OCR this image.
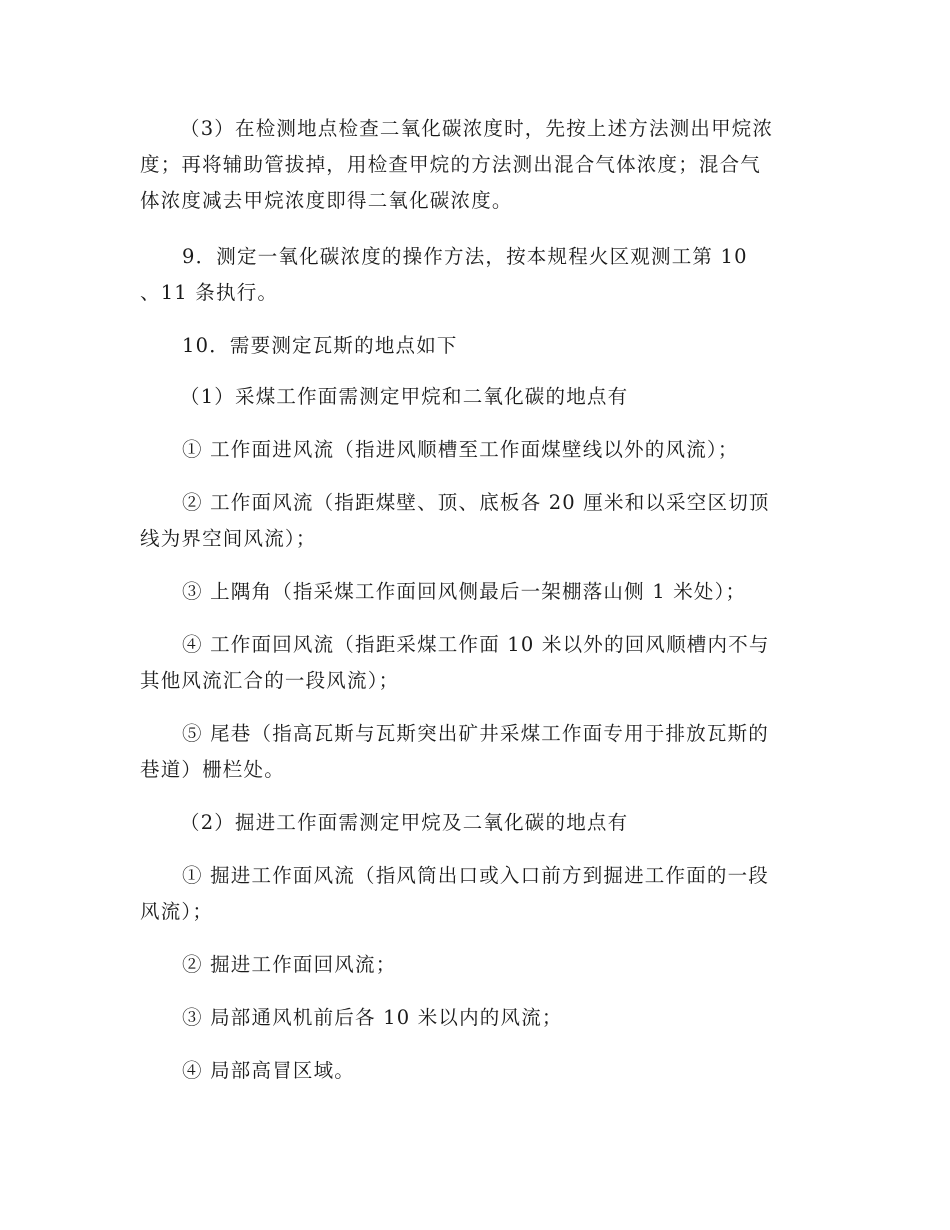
（3）在检测地点检查二氧化碳浓度时，先按上述方法测出甲烷浓
度；再将辅助管拔掉，用检查甲烷的方法测出混合气体浓度；混合气
体浓度减去甲烷浓度即得二氧化碳浓度。
9．测定一氧化碳浓度的操作方法，按本规程火区观测工第 10
、11 条执行。
10．需要测定瓦斯的地点如下
（1）采煤工作面需测定甲烷和二氧化碳的地点有
① 工作面进风流（指进风顺槽至工作面煤壁线以外的风流）；
② 工作面风流（指距煤壁、顶、底板各 20 厘米和以采空区切顶
线为界空间风流）；
③ 上隅角（指采煤工作面回风侧最后一架棚落山侧 1 米处）；
④ 工作面回风流（指距采煤工作面 10 米以外的回风顺槽内不与
其他风流汇合的一段风流）；
⑤ 尾巷（指高瓦斯与瓦斯突出矿井采煤工作面专用于排放瓦斯的
巷道）栅栏处。
（2）掘进工作面需测定甲烷及二氧化碳的地点有
① 掘进工作面风流（指风筒出口或入口前方到掘进工作面的一段
风流）；
② 掘进工作面回风流；
③ 局部通风机前后各 10 米以内的风流；
④ 局部高冒区域。
